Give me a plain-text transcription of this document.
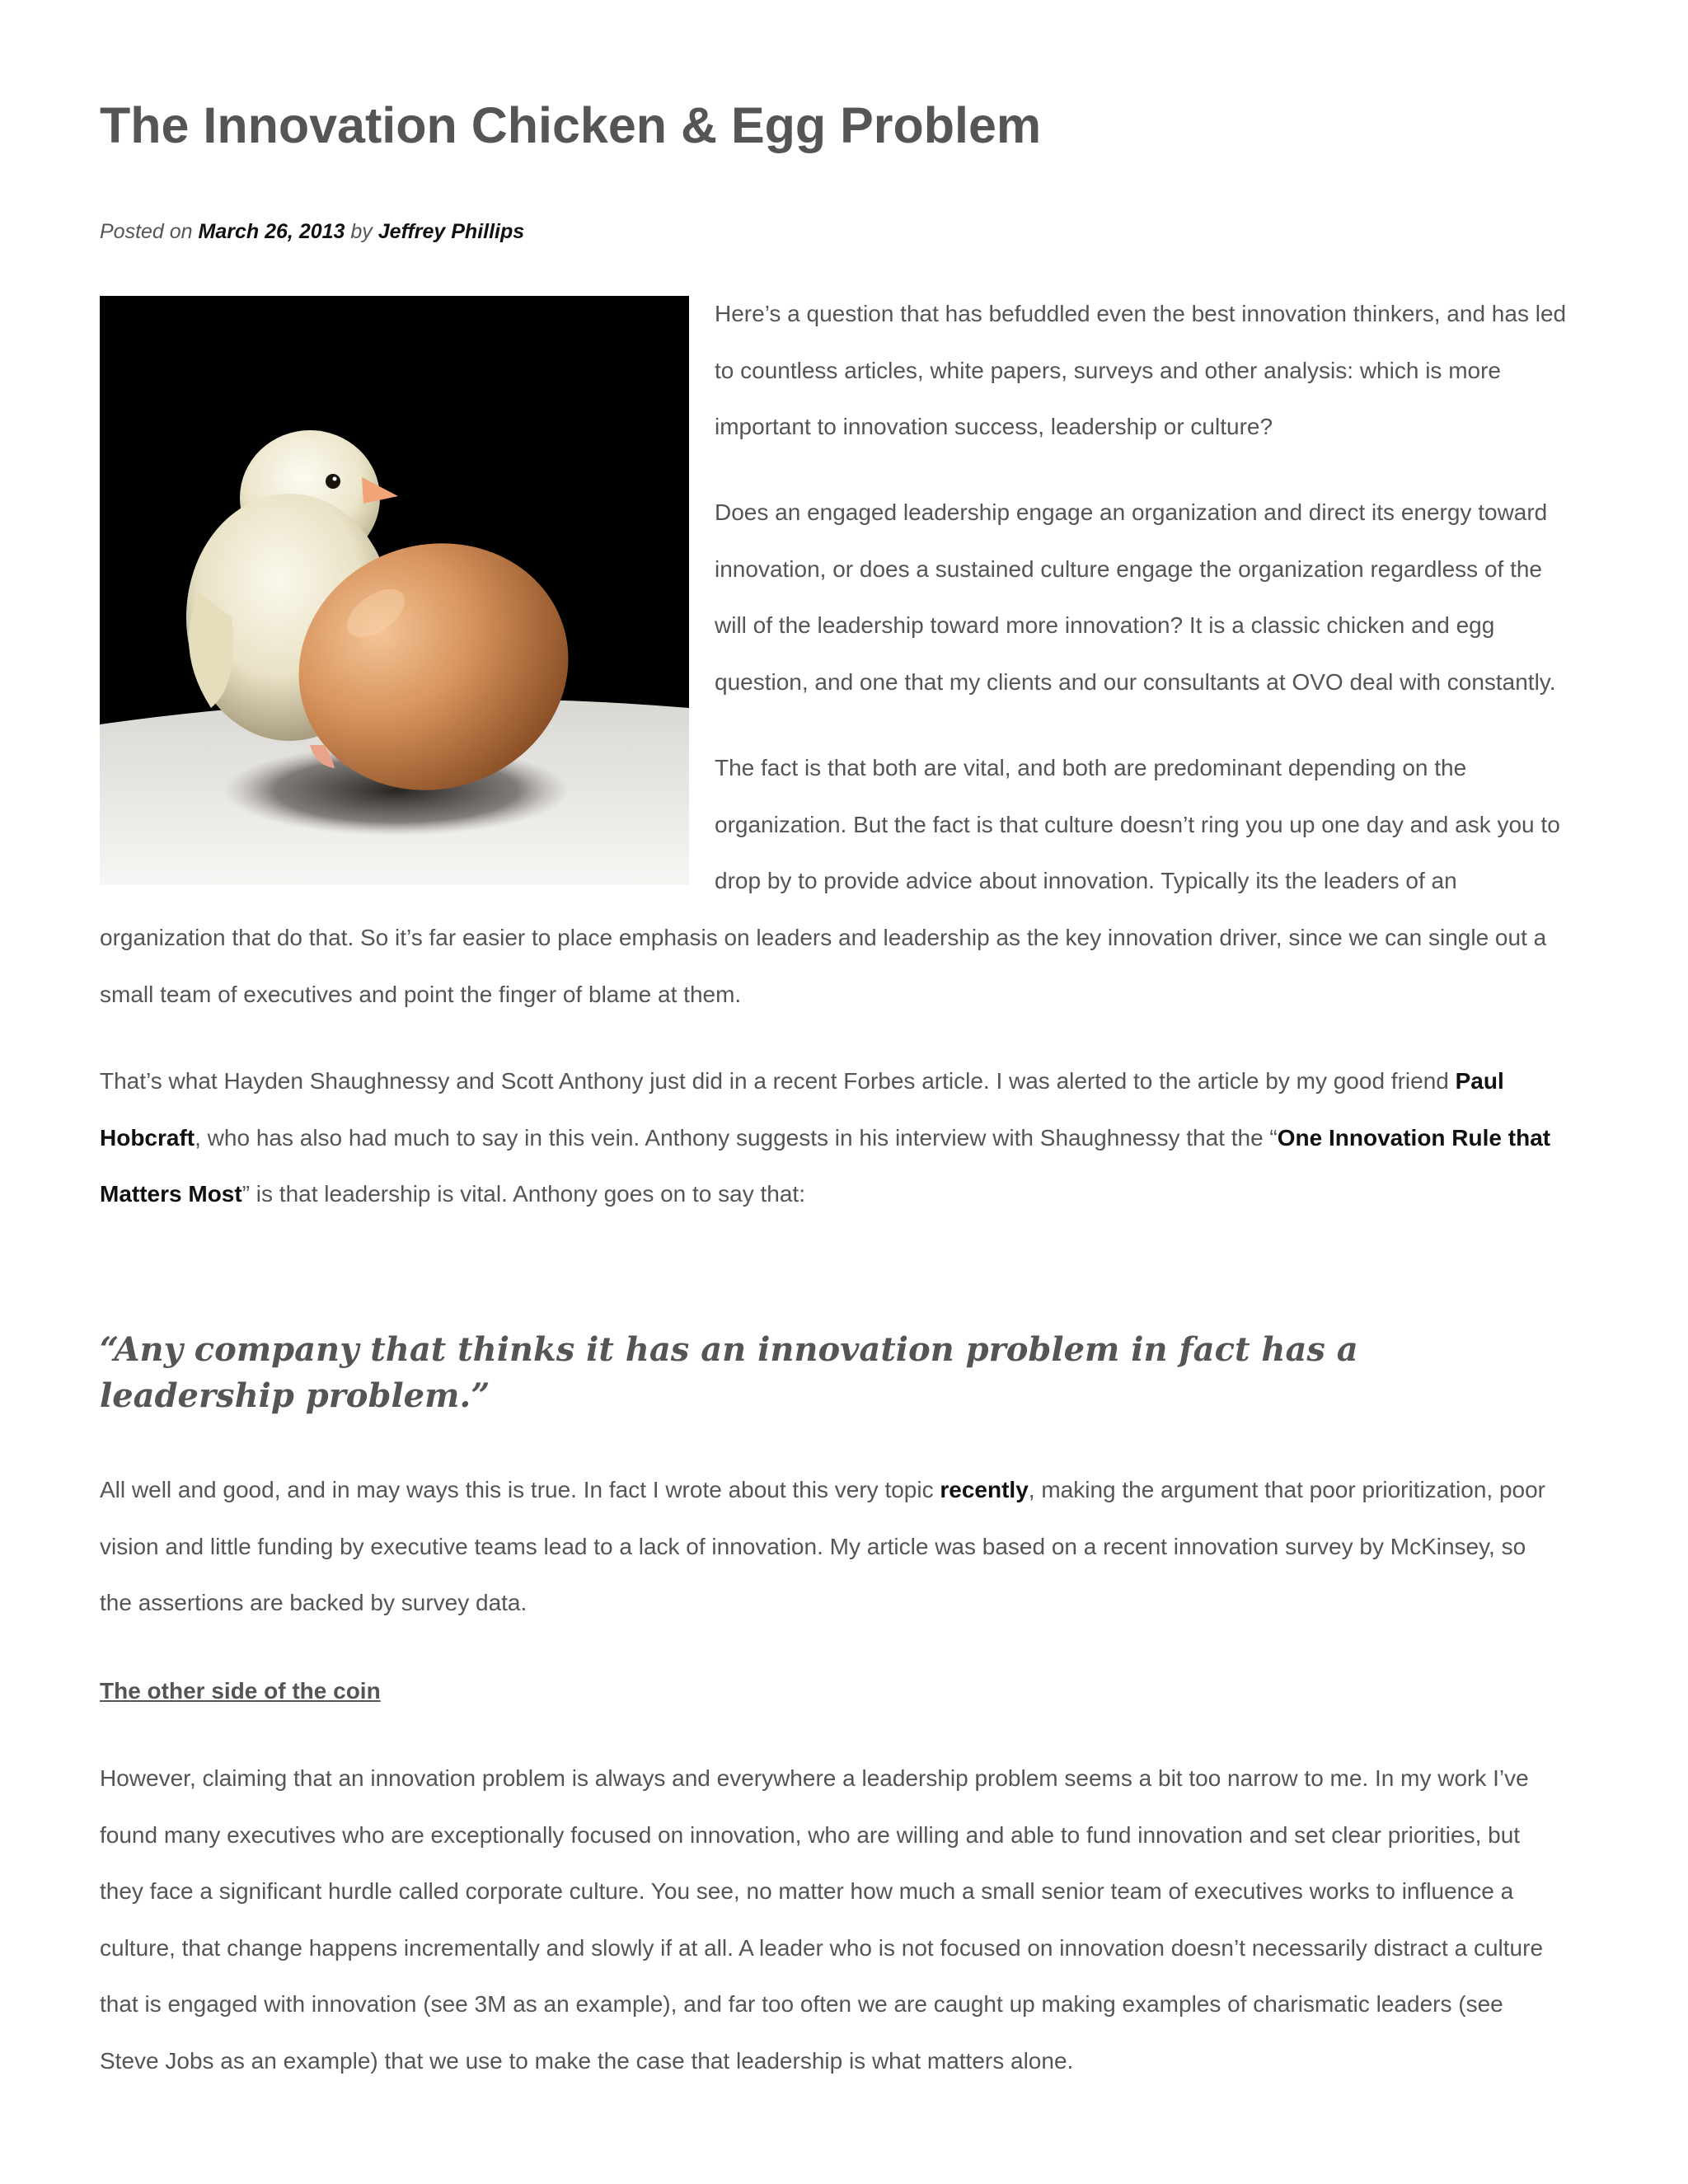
The Innovation Chicken & Egg Problem
Posted on March 26, 2013 by Jeffrey Phillips

Here’s a question that has befuddled even the best innovation thinkers, and has led
to countless articles, white papers, surveys and other analysis: which is more
important to innovation success, leadership or culture?

Does an engaged leadership engage an organization and direct its energy toward
innovation, or does a sustained culture engage the organization regardless of the
will of the leadership toward more innovation? It is a classic chicken and egg
question, and one that my clients and our consultants at OVO deal with constantly.

The fact is that both are vital, and both are predominant depending on the
organization. But the fact is that culture doesn’t ring you up one day and ask you to
drop by to provide advice about innovation. Typically its the leaders of an

organization that do that. So it’s far easier to place emphasis on leaders and leadership as the key innovation driver, since we can single out a
small team of executives and point the finger of blame at them.

That’s what Hayden Shaughnessy and Scott Anthony just did in a recent Forbes article. I was alerted to the article by my good friend Paul
Hobcraft, who has also had much to say in this vein. Anthony suggests in his interview with Shaughnessy that the “One Innovation Rule that
Matters Most” is that leadership is vital. Anthony goes on to say that:

“Any company that thinks it has an innovation problem in fact has a leadership problem.”

All well and good, and in may ways this is true. In fact I wrote about this very topic recently, making the argument that poor prioritization, poor
vision and little funding by executive teams lead to a lack of innovation. My article was based on a recent innovation survey by McKinsey, so
the assertions are backed by survey data.

The other side of the coin

However, claiming that an innovation problem is always and everywhere a leadership problem seems a bit too narrow to me. In my work I’ve
found many executives who are exceptionally focused on innovation, who are willing and able to fund innovation and set clear priorities, but
they face a significant hurdle called corporate culture. You see, no matter how much a small senior team of executives works to influence a
culture, that change happens incrementally and slowly if at all. A leader who is not focused on innovation doesn’t necessarily distract a culture
that is engaged with innovation (see 3M as an example), and far too often we are caught up making examples of charismatic leaders (see
Steve Jobs as an example) that we use to make the case that leadership is what matters alone.
